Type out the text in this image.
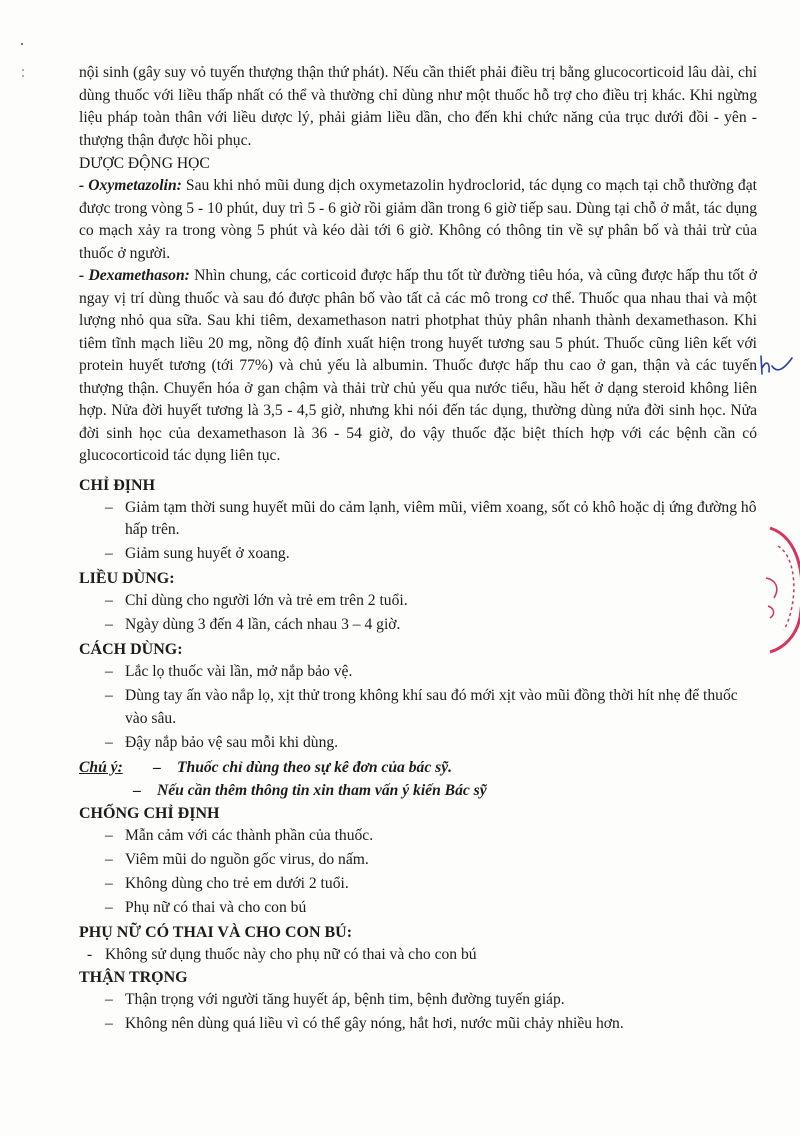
nội sinh (gây suy vỏ tuyến thượng thận thứ phát). Nếu cần thiết phải điều trị bằng glucocorticoid lâu dài, chỉ dùng thuốc với liều thấp nhất có thể và thường chỉ dùng như một thuốc hỗ trợ cho điều trị khác. Khi ngừng liệu pháp toàn thân với liều dược lý, phải giảm liều dần, cho đến khi chức năng của trục dưới đồi - yên - thượng thận được hồi phục.

DƯỢC ĐỘNG HỌC

- Oxymetazolin: Sau khi nhỏ mũi dung dịch oxymetazolin hydroclorid, tác dụng co mạch tại chỗ thường đạt được trong vòng 5 - 10 phút, duy trì 5 - 6 giờ rồi giảm dần trong 6 giờ tiếp sau. Dùng tại chỗ ở mắt, tác dụng co mạch xảy ra trong vòng 5 phút và kéo dài tới 6 giờ. Không có thông tin về sự phân bố và thải trừ của thuốc ở người.

- Dexamethason: Nhìn chung, các corticoid được hấp thu tốt từ đường tiêu hóa, và cũng được hấp thu tốt ở ngay vị trí dùng thuốc và sau đó được phân bố vào tất cả các mô trong cơ thể. Thuốc qua nhau thai và một lượng nhỏ qua sữa. Sau khi tiêm, dexamethason natri photphat thủy phân nhanh thành dexamethason. Khi tiêm tĩnh mạch liều 20 mg, nồng độ đỉnh xuất hiện trong huyết tương sau 5 phút. Thuốc cũng liên kết với protein huyết tương (tới 77%) và chủ yếu là albumin. Thuốc được hấp thu cao ở gan, thận và các tuyến thượng thận. Chuyển hóa ở gan chậm và thải trừ chủ yếu qua nước tiểu, hầu hết ở dạng steroid không liên hợp. Nửa đời huyết tương là 3,5 - 4,5 giờ, nhưng khi nói đến tác dụng, thường dùng nửa đời sinh học. Nửa đời sinh học của dexamethason là 36 - 54 giờ, do vậy thuốc đặc biệt thích hợp với các bệnh cần có glucocorticoid tác dụng liên tục.

CHỈ ĐỊNH

– Giảm tạm thời sung huyết mũi do cảm lạnh, viêm mũi, viêm xoang, sốt cỏ khô hoặc dị ứng đường hô hấp trên.
– Giảm sung huyết ở xoang.

LIỀU DÙNG:

– Chỉ dùng cho người lớn và trẻ em trên 2 tuổi.
– Ngày dùng 3 đến 4 lần, cách nhau 3 – 4 giờ.

CÁCH DÙNG:

– Lắc lọ thuốc vài lần, mở nắp bảo vệ.
– Dùng tay ấn vào nắp lọ, xịt thử trong không khí sau đó mới xịt vào mũi đồng thời hít nhẹ để thuốc vào sâu.
– Đậy nắp bảo vệ sau mỗi khi dùng.
Chú ý:
–	Thuốc chỉ dùng theo sự kê đơn của bác sỹ.
– Nếu cần thêm thông tin xin tham vấn ý kiến Bác sỹ

CHỐNG CHỈ ĐỊNH

– Mẫn cảm với các thành phần của thuốc.
– Viêm mũi do nguồn gốc virus, do nấm.
– Không dùng cho trẻ em dưới 2 tuổi.
– Phụ nữ có thai và cho con bú

PHỤ NỮ CÓ THAI VÀ CHO CON BÚ:

- Không sử dụng thuốc này cho phụ nữ có thai và cho con bú

THẬN TRỌNG

– Thận trọng với người tăng huyết áp, bệnh tim, bệnh đường tuyến giáp.
– Không nên dùng quá liều vì có thể gây nóng, hắt hơi, nước mũi chảy nhiều hơn.
